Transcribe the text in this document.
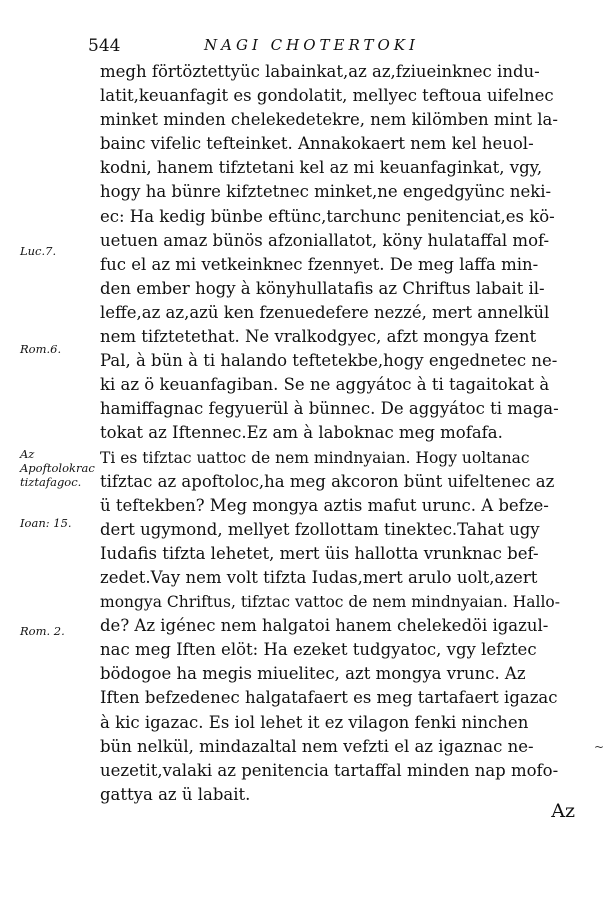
544	NAGI CHOTERTOKI
megh förtöztettyüc labainkat,az az,fziueinknec indu-
latit,keuanfagit es gondolatit, mellyec teftoua uifelnec
minket minden chelekedetekre, nem kilömben mint la-
bainc vifelic tefteinket. Annakokaert nem kel heuol-
kodni, hanem tifztetani kel az mi keuanfaginkat, vgy,
hogy ha bünre kifztetnec minket,ne engedgyünc neki-
ec: Ha kedig bünbe eftünc,tarchunc penitenciat,es kö-
uetuen amaz bünös afzoniallatot, köny hulataffal mof-
fuc el az mi vetkeinknec fzennyet. De meg laffa min-
den ember hogy à könyhullatafis az Chriftus labait il-
leffe,az az,azü ken fzenuedefere nezzé, mert annelkül
nem tifztetethat. Ne vralkodgyec, afzt mongya fzent
Pal, à bün à ti halando teftetekbe,hogy engednetec ne-
ki az ö keuanfagiban. Se ne aggyátoc à ti tagaitokat à
hamiffagnac fegyuerül à bünnec. De aggyátoc ti maga-
tokat az Iftennec.Ez am à laboknac meg mofafa.
Ti es tifztac uattoc de nem mindnyaian. Hogy uoltanac
tifztac az apoftoloc,ha meg akcoron bünt uifeltenec az
ü teftekben? Meg mongya aztis mafut urunc. A befze-
dert ugymond, mellyet fzollottam tinektec.Tahat ugy
Iudafis tifzta lehetet, mert üis hallotta vrunknac bef-
zedet.Vay nem volt tifzta Iudas,mert arulo uolt,azert
mongya Chriftus, tifztac vattoc de nem mindnyaian. Hallo-
de? Az igénec nem halgatoi hanem chelekedöi igazul-
nac meg Iften elöt: Ha ezeket tudgyatoc, vgy lefztec
bödogoe ha megis miuelitec, azt mongya vrunc. Az
Iften befzedenec halgatafaert es meg tartafaert igazac
à kic igazac. Es iol lehet it ez vilagon fenki ninchen
bün nelkül, mindazaltal nem vefzti el az igaznac ne-
uezetit,valaki az penitencia tartaffal minden nap mofo-
gattya az ü labait.
Luc.7.
Rom.6.
Az Apoftolokrac tiztafagoc.
Ioan: 15.
Rom. 2.
Az
~
